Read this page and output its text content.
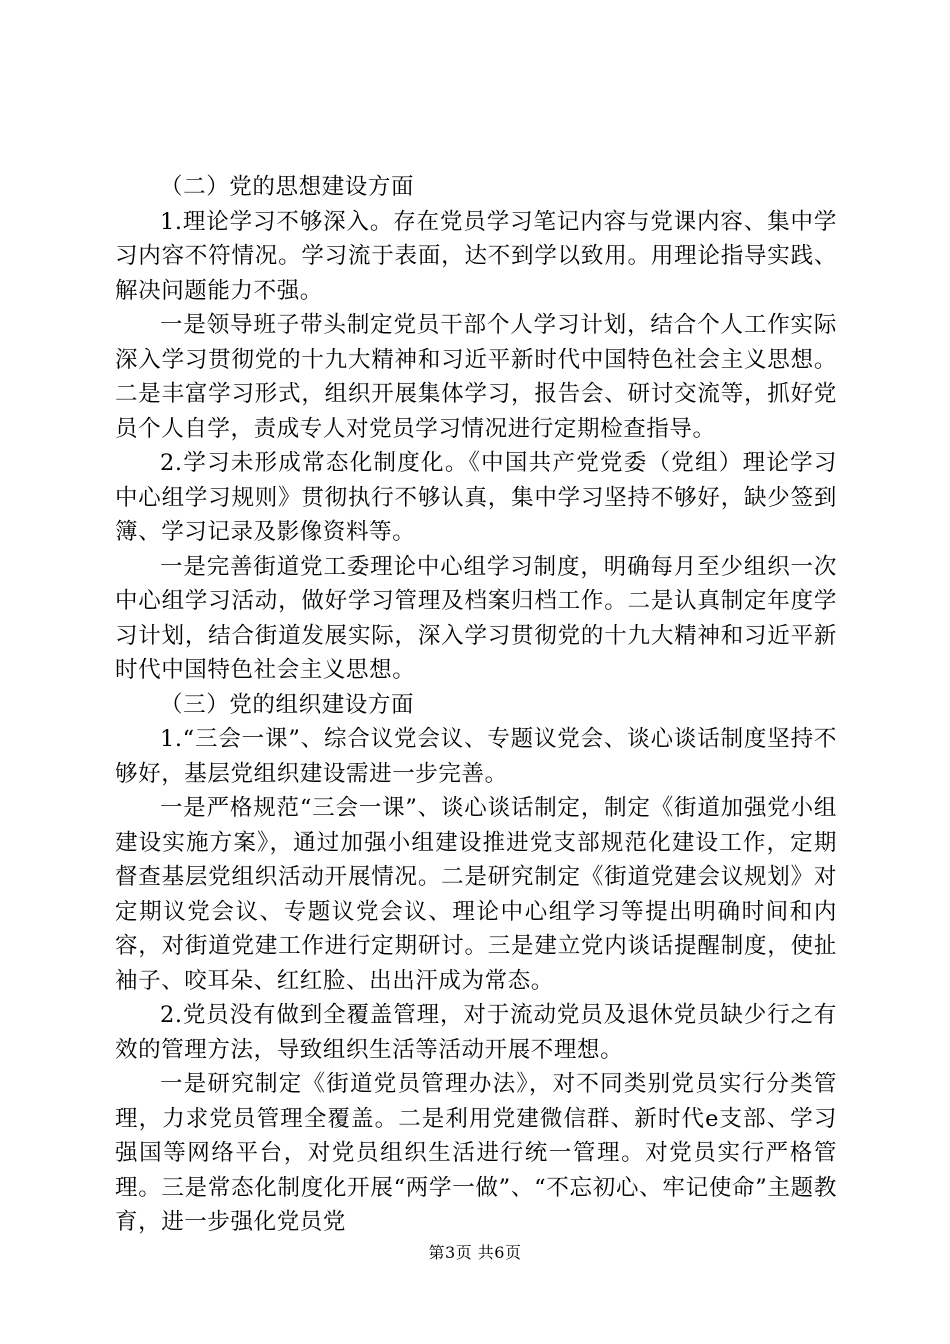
（二）党的思想建设方面

1.理论学习不够深入。存在党员学习笔记内容与党课内容、集中学习内容不符情况。学习流于表面，达不到学以致用。用理论指导实践、解决问题能力不强。

一是领导班子带头制定党员干部个人学习计划，结合个人工作实际深入学习贯彻党的十九大精神和习近平新时代中国特色社会主义思想。二是丰富学习形式，组织开展集体学习，报告会、研讨交流等，抓好党员个人自学，责成专人对党员学习情况进行定期检查指导。

2.学习未形成常态化制度化。《中国共产党党委（党组）理论学习中心组学习规则》贯彻执行不够认真，集中学习坚持不够好，缺少签到簿、学习记录及影像资料等。

一是完善街道党工委理论中心组学习制度，明确每月至少组织一次中心组学习活动，做好学习管理及档案归档工作。二是认真制定年度学习计划，结合街道发展实际，深入学习贯彻党的十九大精神和习近平新时代中国特色社会主义思想。

（三）党的组织建设方面

1.“三会一课”、综合议党会议、专题议党会、谈心谈话制度坚持不够好，基层党组织建设需进一步完善。

一是严格规范“三会一课”、谈心谈话制定，制定《街道加强党小组建设实施方案》，通过加强小组建设推进党支部规范化建设工作，定期督查基层党组织活动开展情况。二是研究制定《街道党建会议规划》对定期议党会议、专题议党会议、理论中心组学习等提出明确时间和内容，对街道党建工作进行定期研讨。三是建立党内谈话提醒制度，使扯袖子、咬耳朵、红红脸、出出汗成为常态。

2.党员没有做到全覆盖管理，对于流动党员及退休党员缺少行之有效的管理方法，导致组织生活等活动开展不理想。

一是研究制定《街道党员管理办法》，对不同类别党员实行分类管理，力求党员管理全覆盖。二是利用党建微信群、新时代e支部、学习强国等网络平台，对党员组织生活进行统一管理。对党员实行严格管理。三是常态化制度化开展“两学一做”、“不忘初心、牢记使命”主题教育，进一步强化党员党

第3页 共6页
